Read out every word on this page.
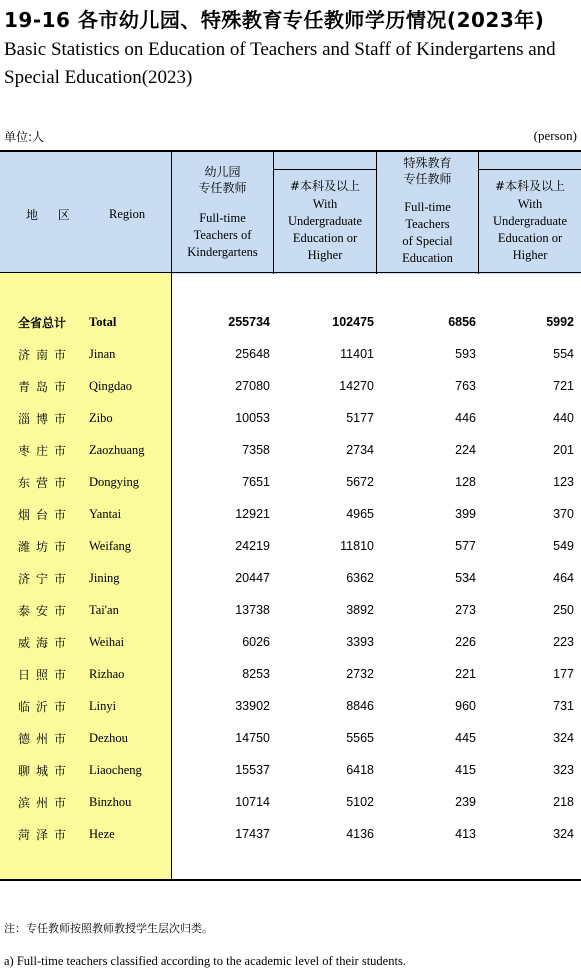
19-16 各市幼儿园、特殊教育专任教师学历情况(2023年)
Basic Statistics on Education of Teachers and Staff of Kindergartens and Special Education(2023)
单位:人	(person)
地 区 Region
幼儿园
专任教师
Full-time
Teachers of
Kindergartens
#本科及以上
With
Undergraduate
Education or
Higher
特殊教育
专任教师
Full-time
Teachers
of Special
Education
#本科及以上
With
Undergraduate
Education or
Higher
全省总计 Total	255734	102475	6856	5992
济南市 Jinan	25648	11401	593	554
青岛市 Qingdao	27080	14270	763	721
淄博市 Zibo	10053	5177	446	440
枣庄市 Zaozhuang	7358	2734	224	201
东营市 Dongying	7651	5672	128	123
烟台市 Yantai	12921	4965	399	370
潍坊市 Weifang	24219	11810	577	549
济宁市 Jining	20447	6362	534	464
泰安市 Tai'an	13738	3892	273	250
威海市 Weihai	6026	3393	226	223
日照市 Rizhao	8253	2732	221	177
临沂市 Linyi	33902	8846	960	731
德州市 Dezhou	14750	5565	445	324
聊城市 Liaocheng	15537	6418	415	323
滨州市 Binzhou	10714	5102	239	218
菏泽市 Heze	17437	4136	413	324
注：专任教师按照教师教授学生层次归类。
a) Full-time teachers classified according to the academic level of their students.
